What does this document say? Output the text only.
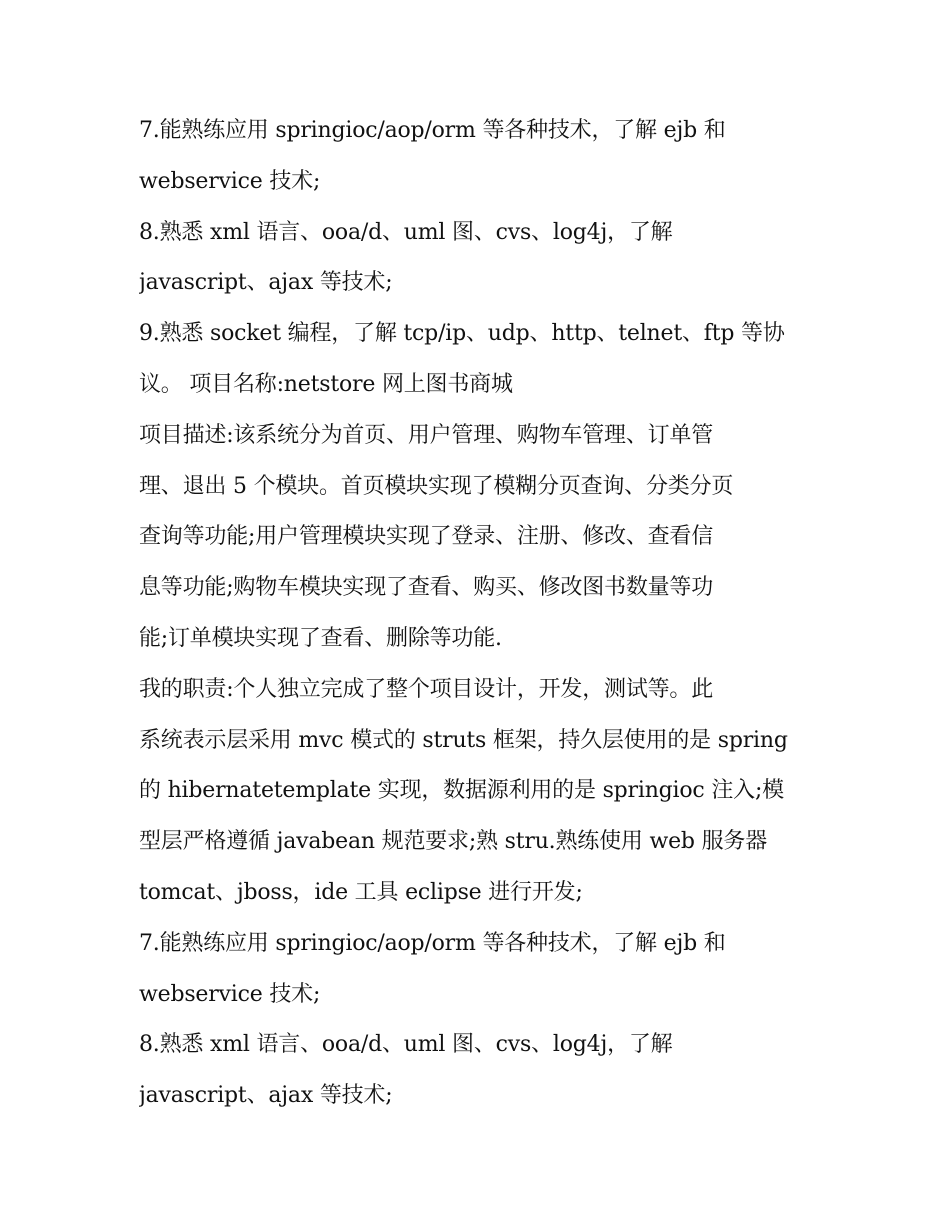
7.能熟练应用 springioc/aop/orm 等各种技术，了解 ejb 和
webservice 技术;
8.熟悉 xml 语言、ooa/d、uml 图、cvs、log4j，了解
javascript、ajax 等技术;
9.熟悉 socket 编程，了解 tcp/ip、udp、http、telnet、ftp 等协
议。 项目名称:netstore 网上图书商城
项目描述:该系统分为首页、用户管理、购物车管理、订单管
理、退出 5 个模块。首页模块实现了模糊分页查询、分类分页
查询等功能;用户管理模块实现了登录、注册、修改、查看信
息等功能;购物车模块实现了查看、购买、修改图书数量等功
能;订单模块实现了查看、删除等功能.
我的职责:个人独立完成了整个项目设计，开发，测试等。此
系统表示层采用 mvc 模式的 struts 框架，持久层使用的是 spring
的 hibernatetemplate 实现，数据源利用的是 springioc 注入;模
型层严格遵循 javabean 规范要求;熟 stru.熟练使用 web 服务器
tomcat、jboss，ide 工具 eclipse 进行开发;
7.能熟练应用 springioc/aop/orm 等各种技术，了解 ejb 和
webservice 技术;
8.熟悉 xml 语言、ooa/d、uml 图、cvs、log4j，了解
javascript、ajax 等技术;
